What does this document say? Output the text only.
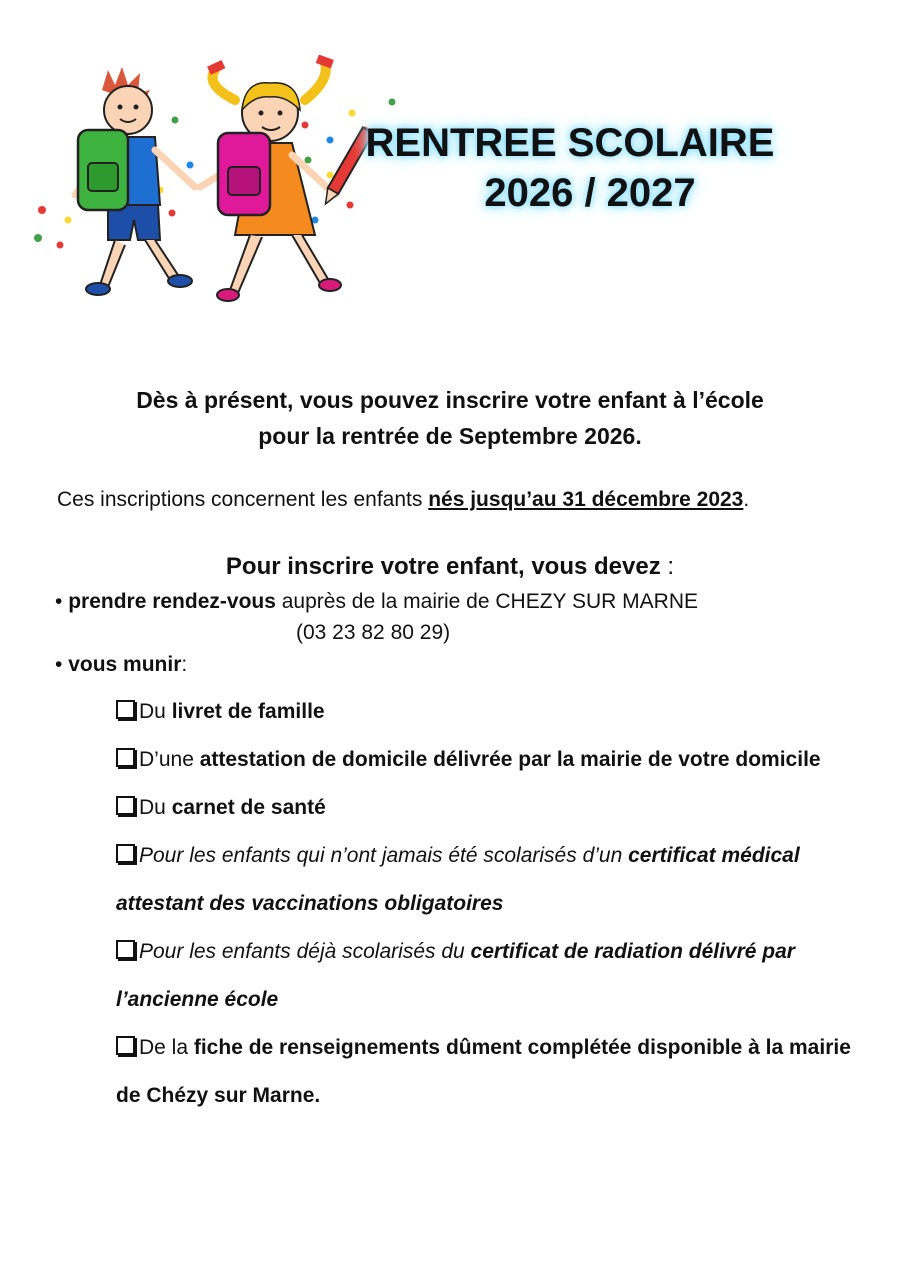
RENTREE SCOLAIRE

2026 / 2027
Dès à présent, vous pouvez inscrire votre enfant à l’école
pour la rentrée de Septembre 2026.
Ces inscriptions concernent les enfants nés jusqu’au 31 décembre 2023.
Pour inscrire votre enfant, vous devez :
• prendre rendez-vous auprès de la mairie de CHEZY SUR MARNE
(03 23 82 80 29)
• vous munir:
Du livret de famille
D’une attestation de domicile délivrée par la mairie de votre domicile
Du carnet de santé
Pour les enfants qui n’ont jamais été scolarisés d’un certificat médical attestant des vaccinations obligatoires
Pour les enfants déjà scolarisés du certificat de radiation délivré par l’ancienne école
De la fiche de renseignements dûment complétée disponible à la mairie de Chézy sur Marne.
